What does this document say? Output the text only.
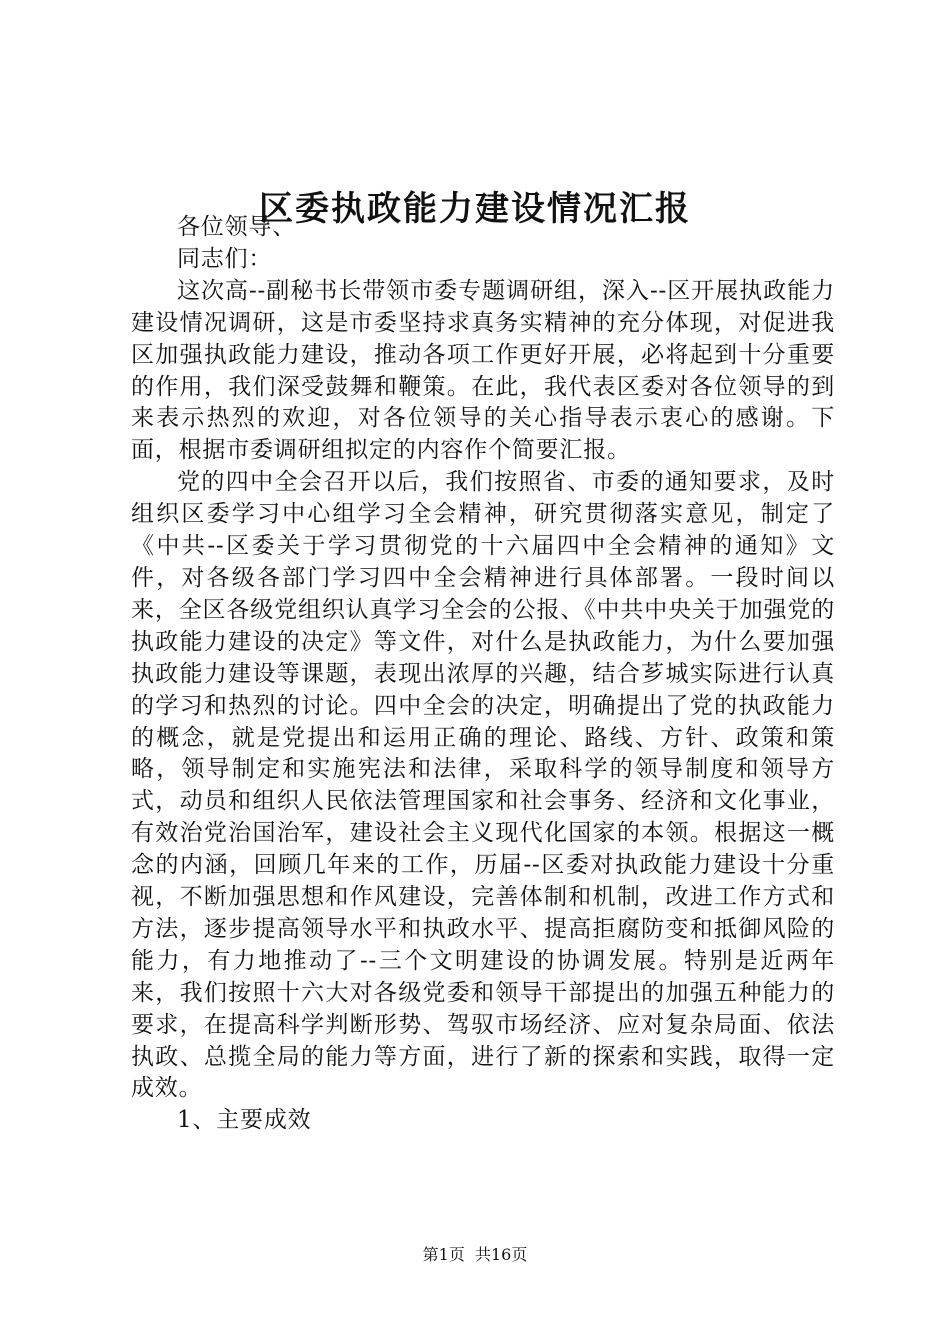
区委执政能力建设情况汇报

各位领导、

同志们：

这次高--副秘书长带领市委专题调研组，深入--区开展执政能力建设情况调研，这是市委坚持求真务实精神的充分体现，对促进我区加强执政能力建设，推动各项工作更好开展，必将起到十分重要的作用，我们深受鼓舞和鞭策。在此，我代表区委对各位领导的到来表示热烈的欢迎，对各位领导的关心指导表示衷心的感谢。下面，根据市委调研组拟定的内容作个简要汇报。

党的四中全会召开以后，我们按照省、市委的通知要求，及时组织区委学习中心组学习全会精神，研究贯彻落实意见，制定了《中共--区委关于学习贯彻党的十六届四中全会精神的通知》文件，对各级各部门学习四中全会精神进行具体部署。一段时间以来，全区各级党组织认真学习全会的公报、《中共中央关于加强党的执政能力建设的决定》等文件，对什么是执政能力，为什么要加强执政能力建设等课题，表现出浓厚的兴趣，结合芗城实际进行认真的学习和热烈的讨论。四中全会的决定，明确提出了党的执政能力的概念，就是党提出和运用正确的理论、路线、方针、政策和策略，领导制定和实施宪法和法律，采取科学的领导制度和领导方式，动员和组织人民依法管理国家和社会事务、经济和文化事业，有效治党治国治军，建设社会主义现代化国家的本领。根据这一概念的内涵，回顾几年来的工作，历届--区委对执政能力建设十分重视，不断加强思想和作风建设，完善体制和机制，改进工作方式和方法，逐步提高领导水平和执政水平、提高拒腐防变和抵御风险的能力，有力地推动了--三个文明建设的协调发展。特别是近两年来，我们按照十六大对各级党委和领导干部提出的加强五种能力的要求，在提高科学判断形势、驾驭市场经济、应对复杂局面、依法执政、总揽全局的能力等方面，进行了新的探索和实践，取得一定成效。

1、主要成效

第1页  共16页
